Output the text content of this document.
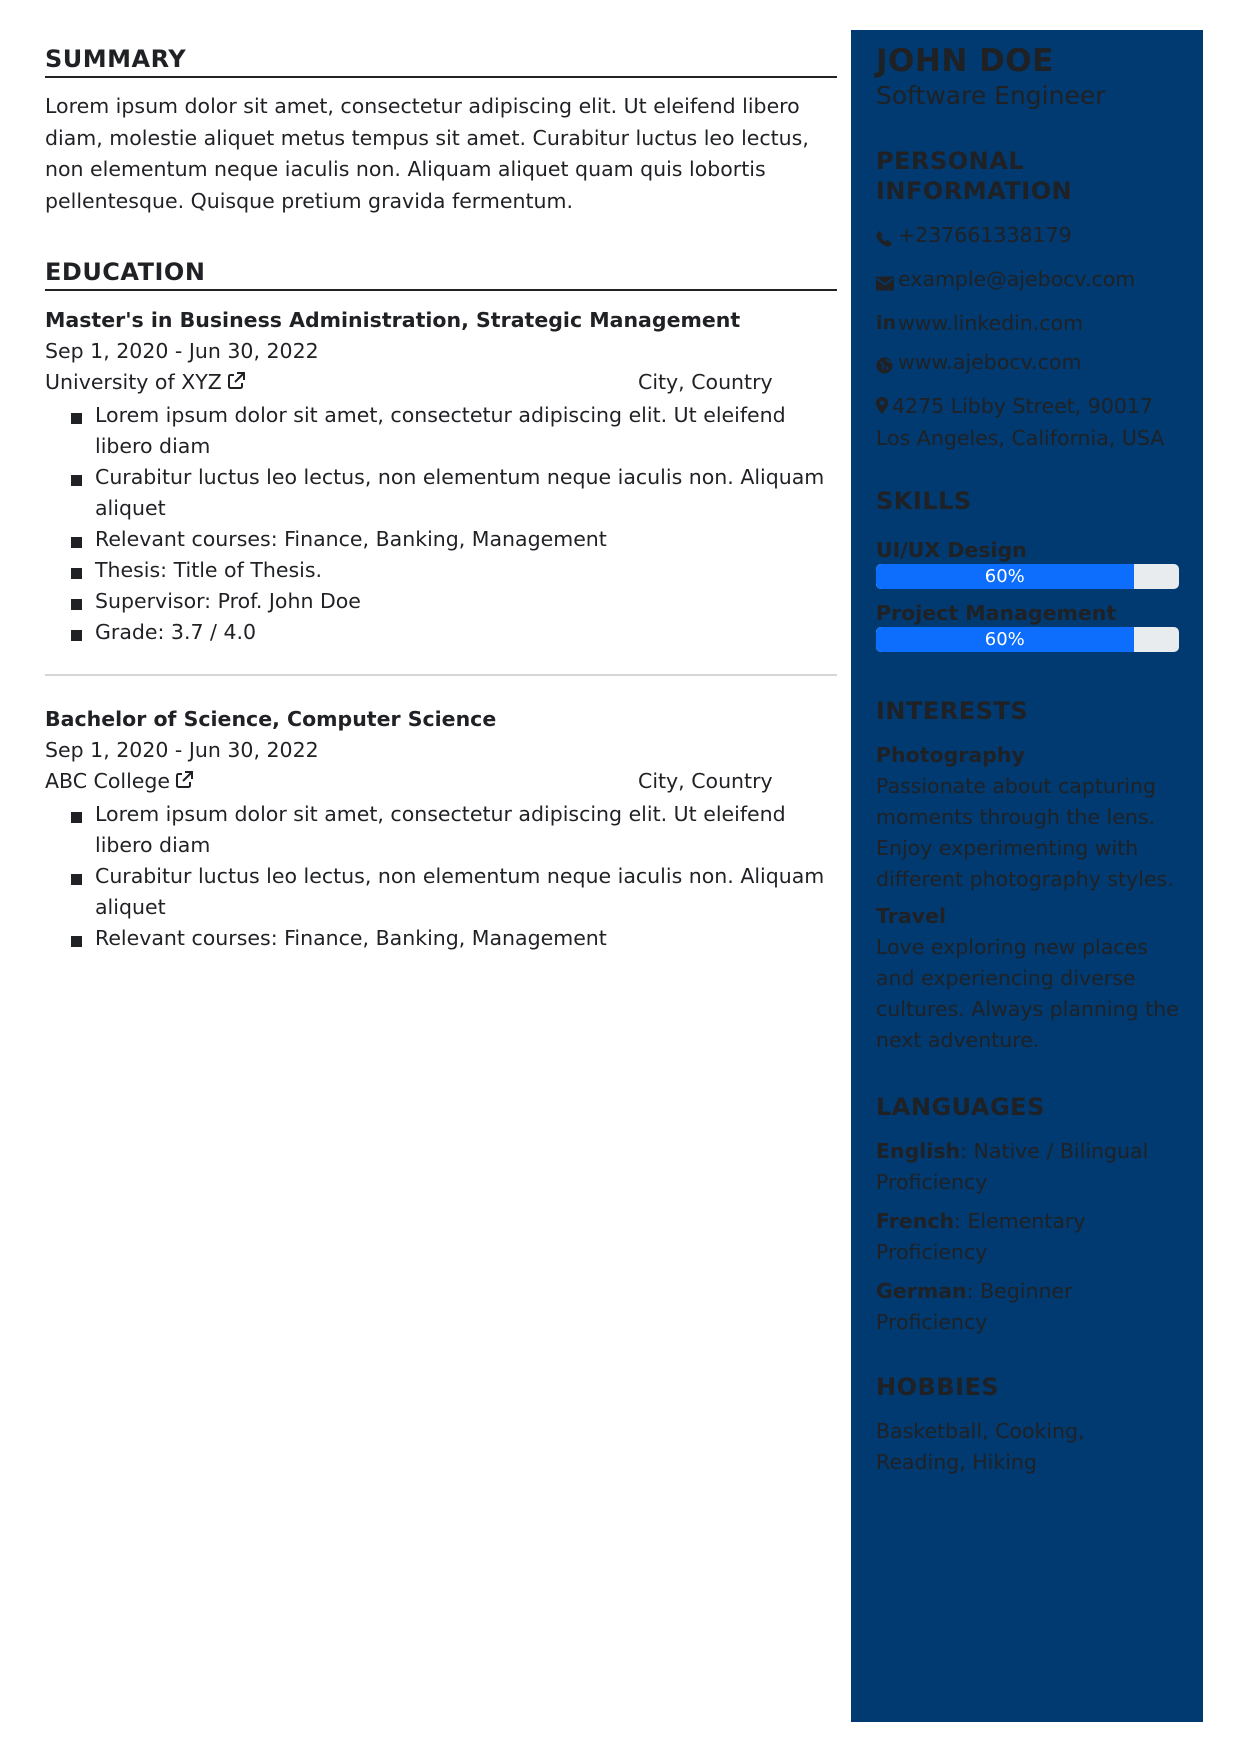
SUMMARY

Lorem ipsum dolor sit amet, consectetur adipiscing elit. Ut eleifend libero diam, molestie aliquet metus tempus sit amet. Curabitur luctus leo lectus, non elementum neque iaculis non. Aliquam aliquet quam quis lobortis pellentesque. Quisque pretium gravida fermentum.

EDUCATION
Master's in Business Administration, Strategic Management
Sep 1, 2020 - Jun 30, 2022
University of XYZ	City, Country
Lorem ipsum dolor sit amet, consectetur adipiscing elit. Ut eleifend libero diam
Curabitur luctus leo lectus, non elementum neque iaculis non. Aliquam aliquet
Relevant courses: Finance, Banking, Management
Thesis: Title of Thesis.
Supervisor: Prof. John Doe
Grade: 3.7 / 4.0
Bachelor of Science, Computer Science
Sep 1, 2020 - Jun 30, 2022
ABC College	City, Country
Lorem ipsum dolor sit amet, consectetur adipiscing elit. Ut eleifend libero diam
Curabitur luctus leo lectus, non elementum neque iaculis non. Aliquam aliquet
Relevant courses: Finance, Banking, Management
JOHN DOE
Software Engineer
PERSONAL INFORMATION
+237661338179
example@ajebocv.com
in www.linkedin.com
www.ajebocv.com
4275 Libby Street, 90017
Los Angeles, California, USA
SKILLS
UI/UX Design
60%
Project Management
60%
INTERESTS
Photography
Passionate about capturing moments through the lens. Enjoy experimenting with different photography styles.
Travel
Love exploring new places and experiencing diverse cultures. Always planning the next adventure.
LANGUAGES
English: Native / Bilingual Proficiency
French: Elementary Proficiency
German: Beginner Proficiency
HOBBIES
Basketball, Cooking, Reading, Hiking
